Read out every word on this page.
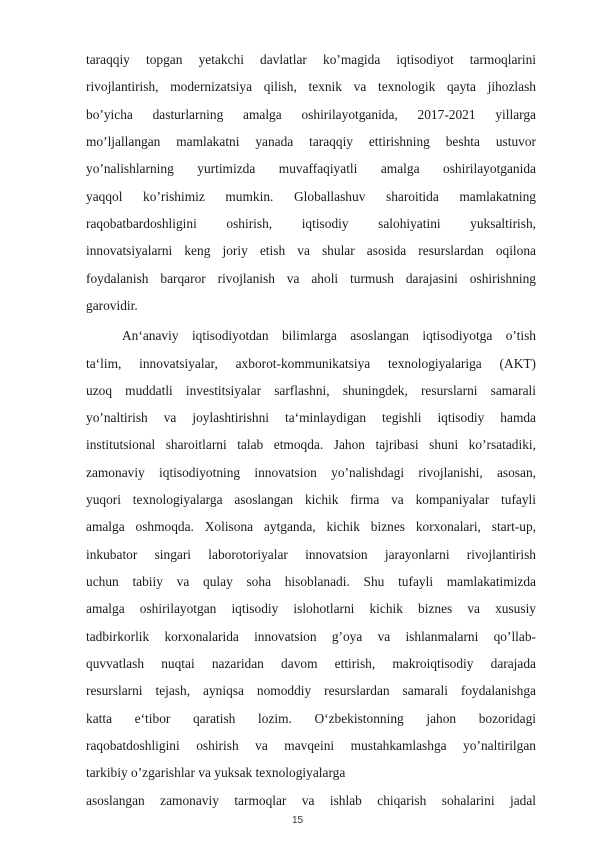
taraqqiy topgan yetakchi davlatlar ko’magida iqtisodiyot tarmoqlarini

rivojlantirish, modernizatsiya qilish, texnik va texnologik qayta jihozlash

bo’yicha dasturlarning amalga oshirilayotganida, 2017-2021 yillarga

mo’ljallangan mamlakatni yanada taraqqiy ettirishning beshta ustuvor

yo’nalishlarning yurtimizda muvaffaqiyatli amalga oshirilayotganida

yaqqol ko’rishimiz mumkin. Globallashuv sharoitida mamlakatning

raqobatbardoshligini oshirish, iqtisodiy salohiyatini yuksaltirish,

innovatsiyalarni keng joriy etish va shular asosida resurslardan oqilona

foydalanish barqaror rivojlanish va aholi turmush darajasini oshirishning

garovidir.

An‘anaviy iqtisodiyotdan bilimlarga asoslangan iqtisodiyotga o’tish

ta‘lim, innovatsiyalar, axborot-kommunikatsiya texnologiyalariga (AKT)

uzoq muddatli investitsiyalar sarflashni, shuningdek, resurslarni samarali

yo’naltirish va joylashtirishni ta‘minlaydigan tegishli iqtisodiy hamda

institutsional sharoitlarni talab etmoqda. Jahon tajribasi shuni ko’rsatadiki,

zamonaviy iqtisodiyotning innovatsion yo’nalishdagi rivojlanishi, asosan,

yuqori texnologiyalarga asoslangan kichik firma va kompaniyalar tufayli

amalga oshmoqda. Xolisona aytganda, kichik biznes korxonalari, start-up,

inkubator singari laborotoriyalar innovatsion jarayonlarni rivojlantirish

uchun tabiiy va qulay soha hisoblanadi. Shu tufayli mamlakatimizda

amalga oshirilayotgan iqtisodiy islohotlarni kichik biznes va xususiy

tadbirkorlik korxonalarida innovatsion g’oya va ishlanmalarni qo’llab-

quvvatlash nuqtai nazaridan davom ettirish, makroiqtisodiy darajada

resurslarni tejash, ayniqsa nomoddiy resurslardan samarali foydalanishga

katta e‘tibor qaratish lozim. O‘zbekistonning jahon bozoridagi

raqobatdoshligini oshirish va mavqeini mustahkamlashga yo’naltirilgan

tarkibiy o’zgarishlar va yuksak texnologiyalarga

asoslangan zamonaviy tarmoqlar va ishlab chiqarish sohalarini jadal

15
